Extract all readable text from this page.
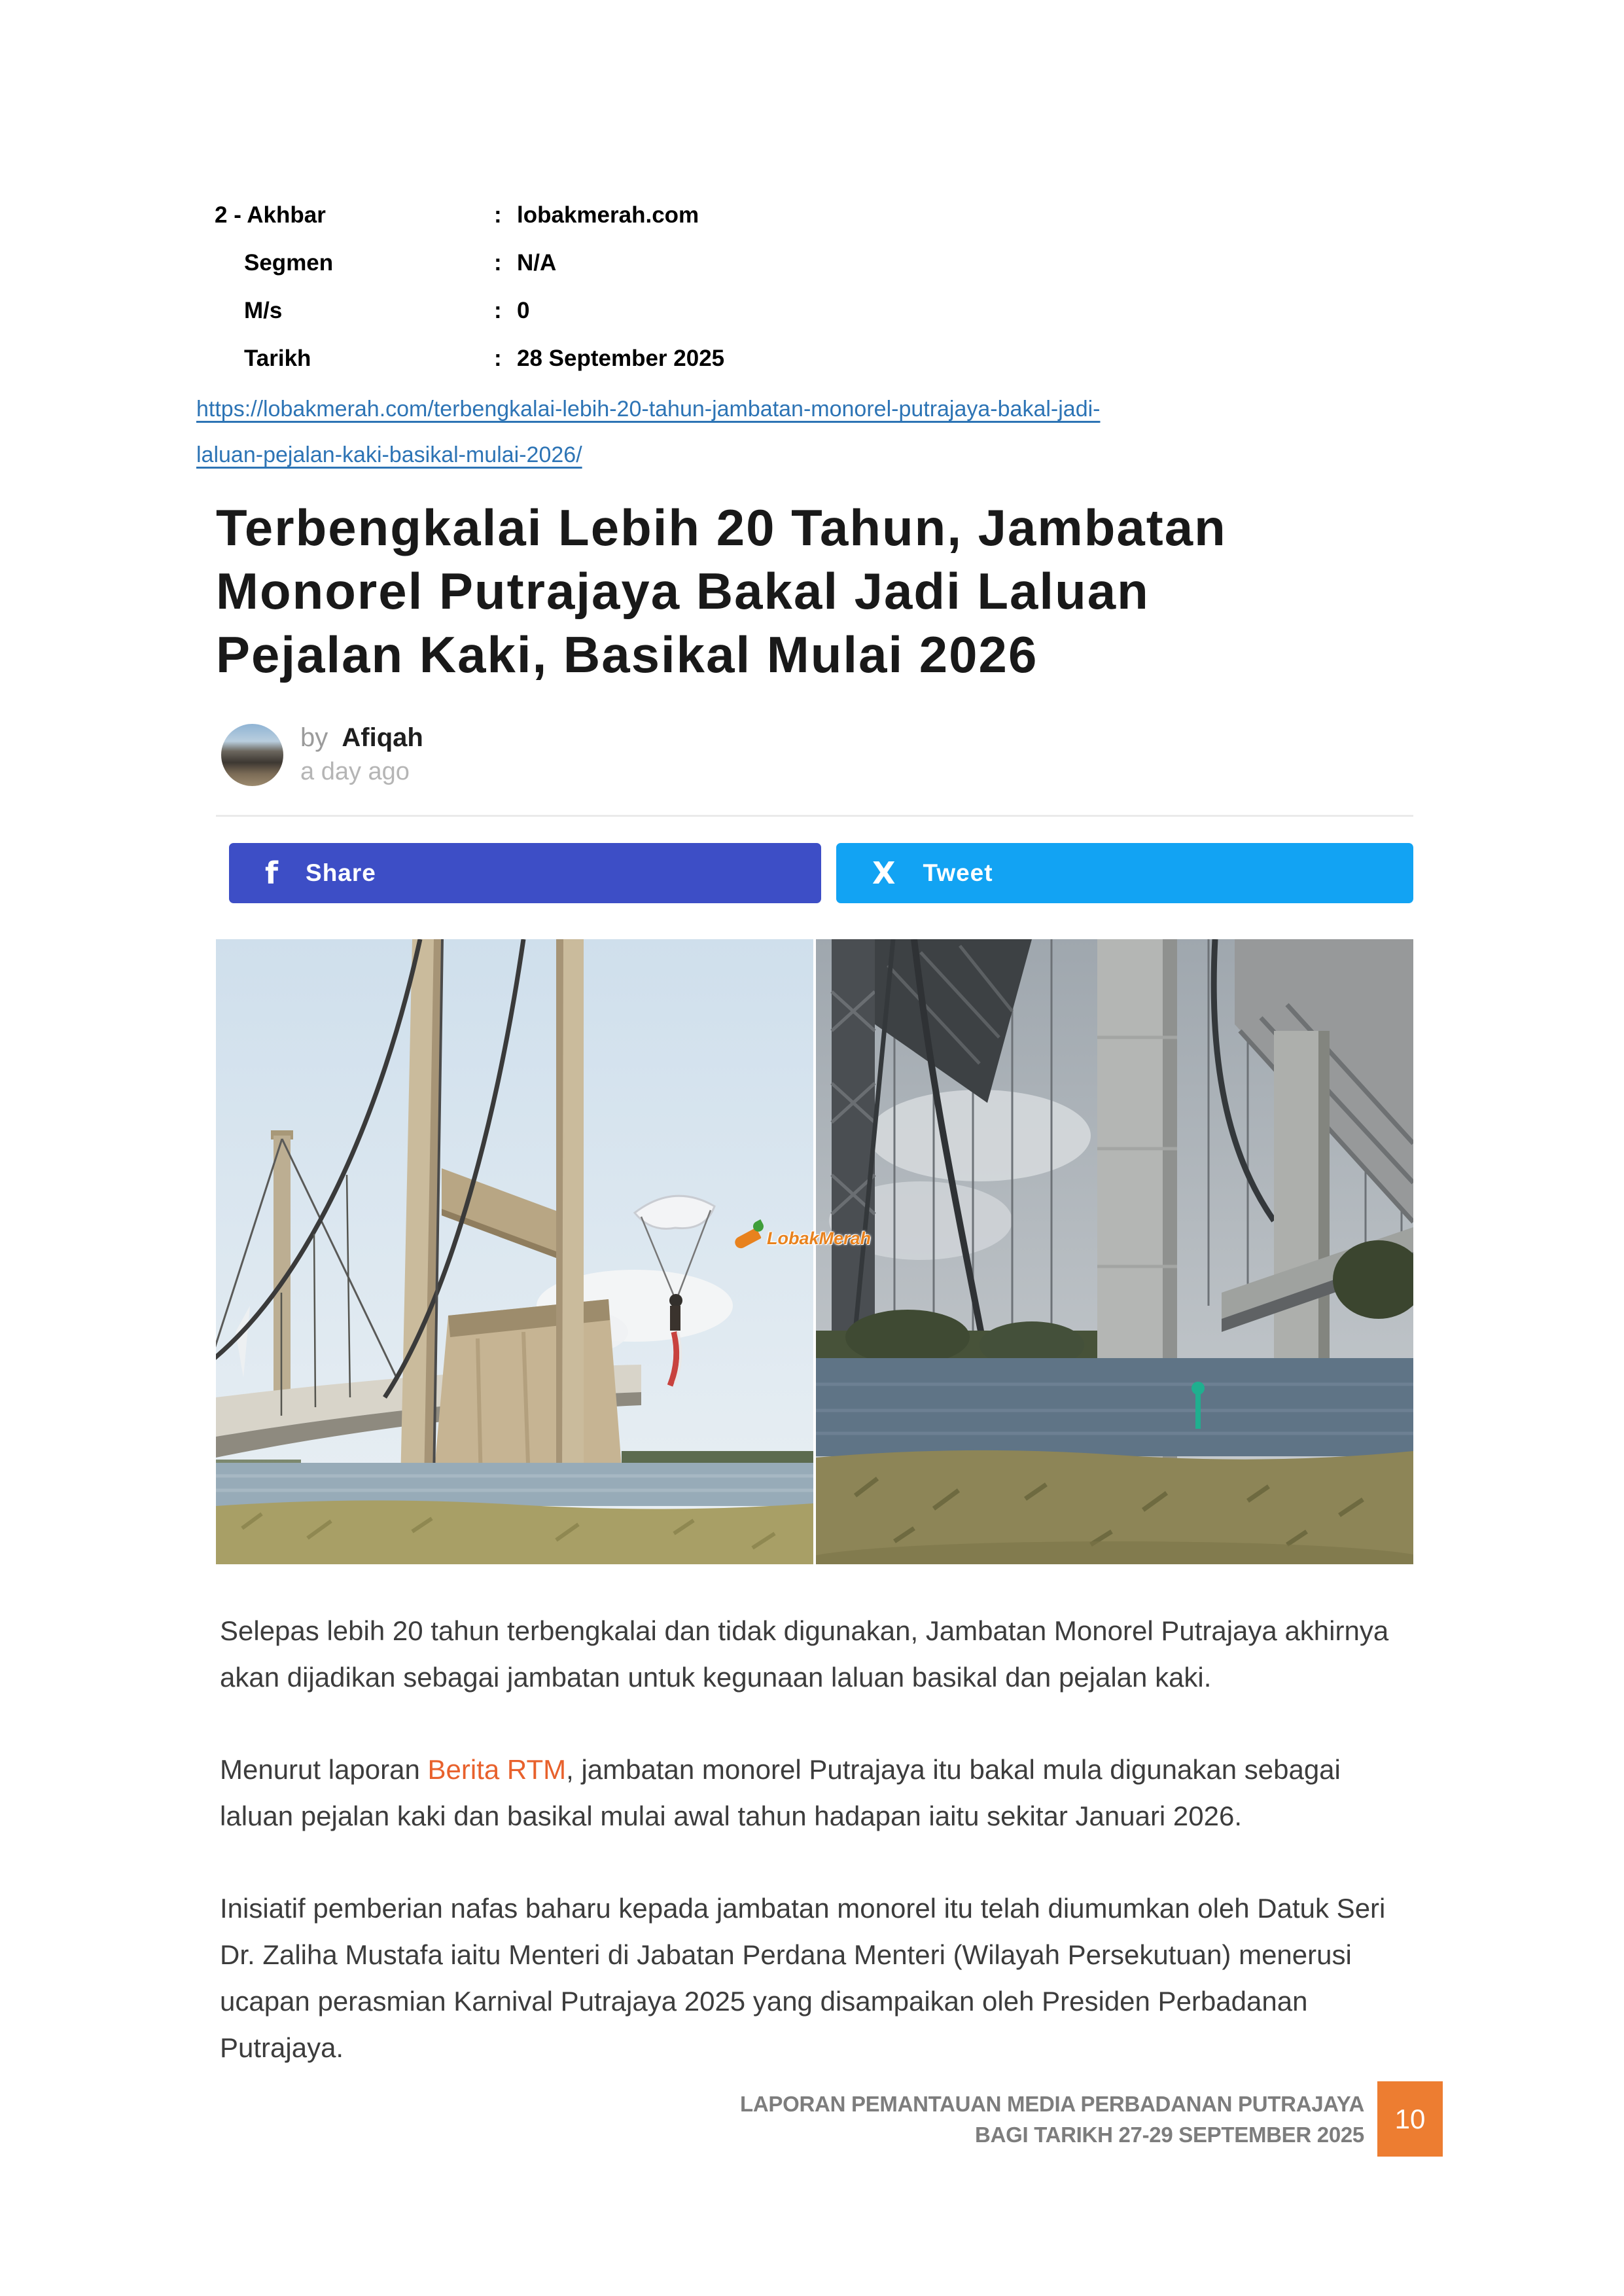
2 - Akhbar	: lobakmerah.com
Segmen	: N/A
M/s	: 0
Tarikh	: 28 September 2025
https://lobakmerah.com/terbengkalai-lebih-20-tahun-jambatan-monorel-putrajaya-bakal-jadi-
laluan-pejalan-kaki-basikal-mulai-2026/
Terbengkalai Lebih 20 Tahun, Jambatan
Monorel Putrajaya Bakal Jadi Laluan
Pejalan Kaki, Basikal Mulai 2026
by Afiqah
a day ago
f Share	X Tweet
LobakMerah

Selepas lebih 20 tahun terbengkalai dan tidak digunakan, Jambatan Monorel Putrajaya akhirnya akan dijadikan sebagai jambatan untuk kegunaan laluan basikal dan pejalan kaki.

Menurut laporan Berita RTM, jambatan monorel Putrajaya itu bakal mula digunakan sebagai laluan pejalan kaki dan basikal mulai awal tahun hadapan iaitu sekitar Januari 2026.

Inisiatif pemberian nafas baharu kepada jambatan monorel itu telah diumumkan oleh Datuk Seri Dr. Zaliha Mustafa iaitu Menteri di Jabatan Perdana Menteri (Wilayah Persekutuan) menerusi ucapan perasmian Karnival Putrajaya 2025 yang disampaikan oleh Presiden Perbadanan Putrajaya.

LAPORAN PEMANTAUAN MEDIA PERBADANAN PUTRAJAYA
BAGI TARIKH 27-29 SEPTEMBER 2025
10
